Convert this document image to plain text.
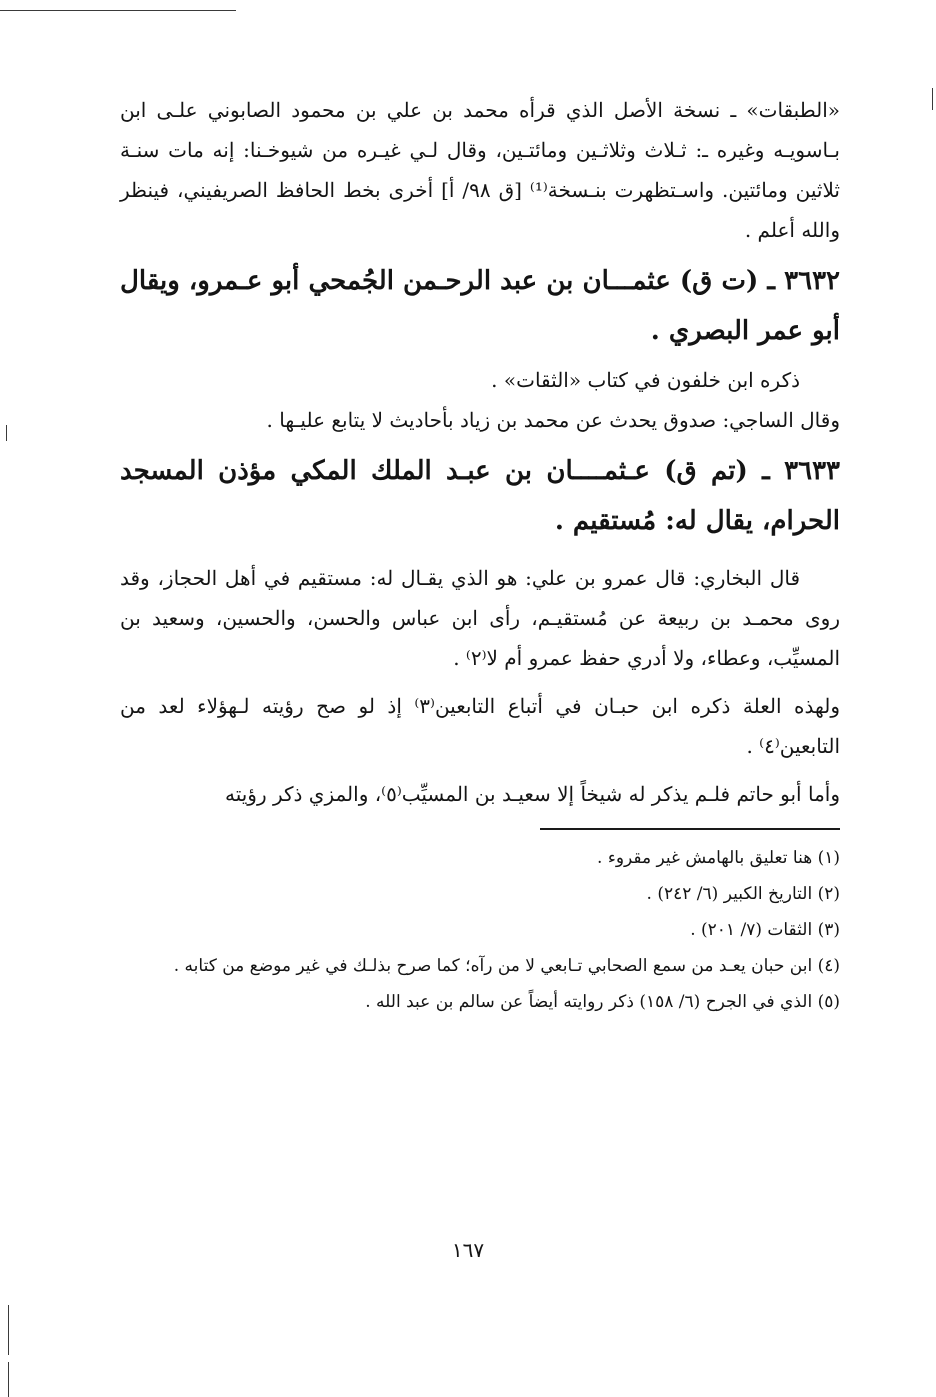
«الطبقات» ـ نسخة الأصل الذي قرأه محمد بن علي بن محمود الصابوني علـى ابن بـاسويـه وغيره ـ: ثـلاث وثلاثـين ومائتـين، وقال لـي غيـره من شيوخـنا: إنه مات سنـة ثلاثين ومائتين. واسـتظهرت بنـسخة⁽¹⁾ [ق ٩٨/ أ] أخرى بخط الحافظ الصريفيني، فينظر والله أعلم .

٣٦٣٢ ـ (ت ق) عثمـــان بن عبد الرحـمن الجُمحي أبو عـمرو، ويقال أبو عمر البصري .

ذكره ابن خلفون في كتاب «الثقات» .

وقال الساجي: صدوق يحدث عن محمد بن زياد بأحاديث لا يتابع عليـها .

٣٦٣٣ ـ (تم ق) عـثمــــان بن عبـد الملك المكي مؤذن المسجد الحرام، يقال له: مُستقيم .

قال البخاري: قال عمرو بن علي: هو الذي يقـال له: مستقيم في أهل الحجاز، وقد روى محمـد بن ربيعة عن مُستقيـم، رأى ابن عباس والحسن، والحسين، وسعيد بن المسيِّب، وعطاء، ولا أدري حفظ عمرو أم لا⁽٢⁾ .

ولهذه العلة ذكره ابن حبـان في أتباع التابعين⁽٣⁾ إذ لو صح رؤيته لـهؤلاء لعد من التابعين⁽٤⁾ .

وأما أبو حاتم فلـم يذكر له شيخاً إلا سعيـد بن المسيِّب⁽٥⁾، والمزي ذكر رؤيته

(١) هنا تعليق بالهامش غير مقروء .

(٢) التاريخ الكبير (٦/ ٢٤٢) .

(٣) الثقات (٧/ ٢٠١) .

(٤) ابن حبان يعـد من سمع الصحابي تـابعي لا من رآه؛ كما صرح بذلـك في غير موضع من كتابه .

(٥) الذي في الجرح (٦/ ١٥٨) ذكر روايته أيضاً عن سالم بن عبد الله .

١٦٧
